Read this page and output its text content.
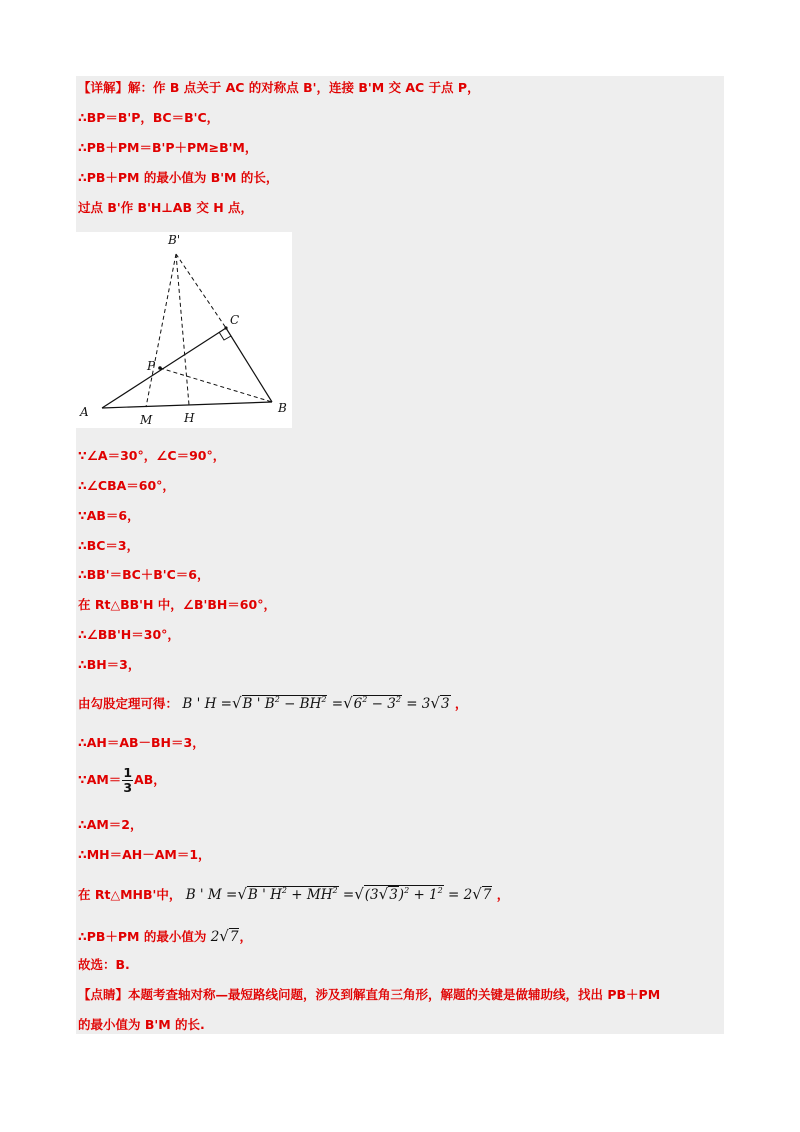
【详解】解：作 B 点关于 AC 的对称点 B'，连接 B'M 交 AC 于点 P，
∴BP＝B'P，BC＝B'C，
∴PB＋PM＝B'P＋PM≥B'M，
∴PB＋PM 的最小值为 B'M 的长，
过点 B'作 B'H⊥AB 交 H 点，
B'
C
P
A
M	H
B
∵∠A＝30°，∠C＝90°，
∴∠CBA＝60°，
∵AB＝6，
∴BC＝3，
∴BB'＝BC＋B'C＝6，
在 Rt△BB'H 中，∠B'BH＝60°，
∴∠BB'H＝30°，
∴BH＝3，
由勾股定理可得： B ' H =√B ' $B^2 - BH^2 =√6^2 - 3^2 = 3√3$ ，
∴AH＝AB－BH＝3，
∵AM＝ $\frac{1}{3}$ AB，
∴AM＝2，
∴MH＝AH－AM＝1，
在 Rt△MHB'中， B ' M =√B ' $H^2 + MH^2 =√(3√3)^2 + 1^2 = 2√7$ ，
∴PB＋PM 的最小值为 2√7，
故选：B.
【点睛】本题考查轴对称—最短路线问题，涉及到解直角三角形，解题的关键是做辅助线，找出 PB＋PM
的最小值为 B'M 的长.
